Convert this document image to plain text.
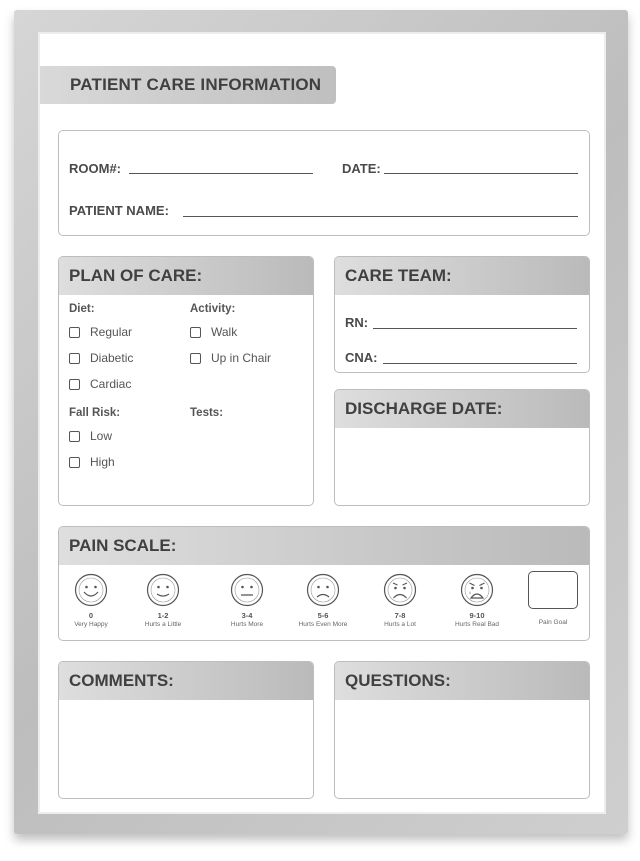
PATIENT CARE INFORMATION
ROOM#:	DATE:
PATIENT NAME:
PLAN OF CARE:
Diet:
Regular
Diabetic
Cardiac
Activity:
Walk
Up in Chair
Fall Risk:
Low
High
Tests:
CARE TEAM:
RN:
CNA:
DISCHARGE DATE:
PAIN SCALE:
0
Very Happy
1-2
Hurts a Little
3-4
Hurts More
5-6
Hurts Even More
7-8
Hurts a Lot
9-10
Hurts Real Bad	Pain Goal
COMMENTS:	QUESTIONS:
